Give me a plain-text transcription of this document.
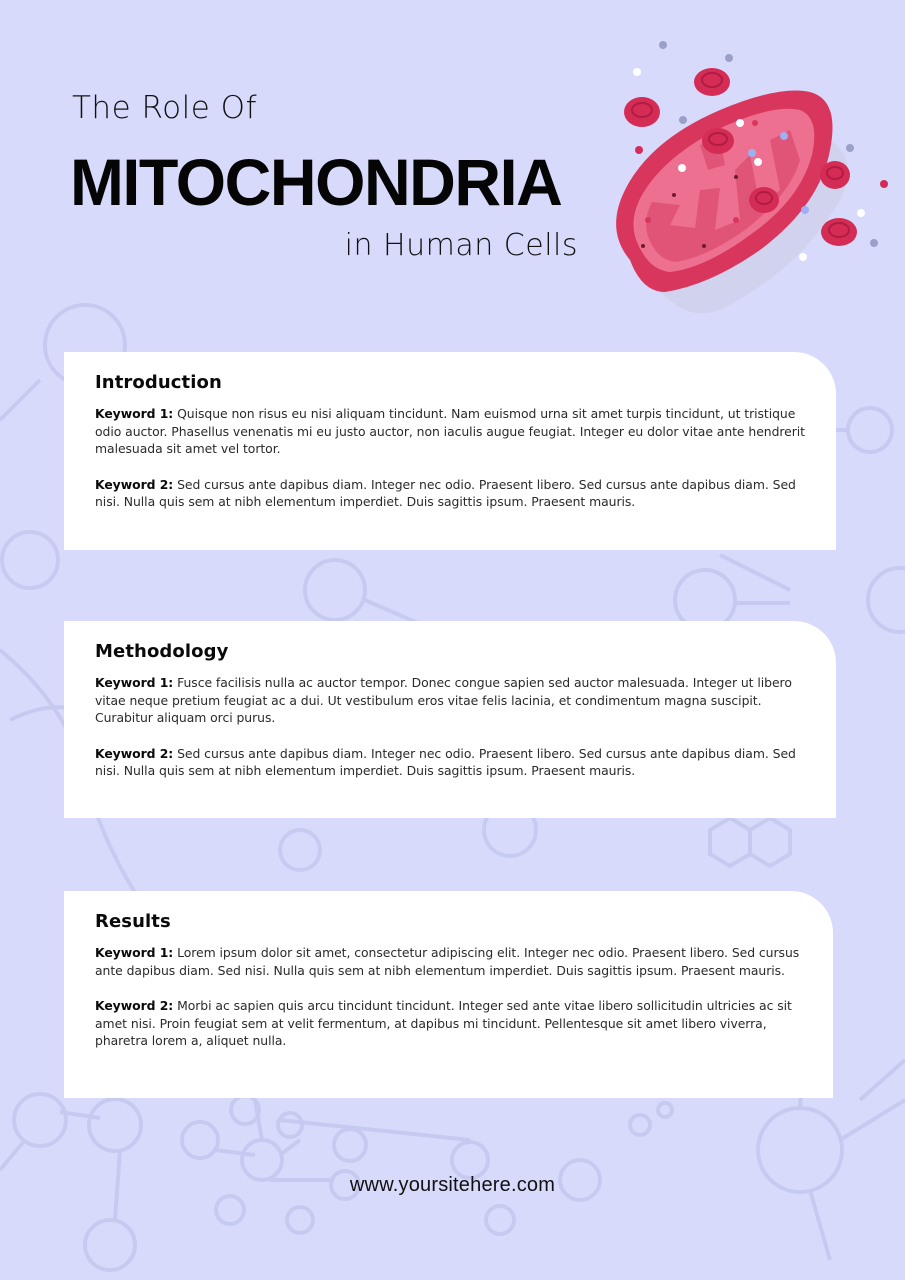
The Role Of
MITOCHONDRIA
in Human Cells
Introduction

Keyword 1: Quisque non risus eu nisi aliquam tincidunt. Nam euismod urna sit amet turpis tincidunt, ut tristique odio auctor. Phasellus venenatis mi eu justo auctor, non iaculis augue feugiat. Integer eu dolor vitae ante hendrerit malesuada sit amet vel tortor.

Keyword 2: Sed cursus ante dapibus diam. Integer nec odio. Praesent libero. Sed cursus ante dapibus diam. Sed nisi. Nulla quis sem at nibh elementum imperdiet. Duis sagittis ipsum. Praesent mauris.

Methodology

Keyword 1: Fusce facilisis nulla ac auctor tempor. Donec congue sapien sed auctor malesuada. Integer ut libero vitae neque pretium feugiat ac a dui. Ut vestibulum eros vitae felis lacinia, et condimentum magna suscipit. Curabitur aliquam orci purus.

Keyword 2: Sed cursus ante dapibus diam. Integer nec odio. Praesent libero. Sed cursus ante dapibus diam. Sed nisi. Nulla quis sem at nibh elementum imperdiet. Duis sagittis ipsum. Praesent mauris.

Results

Keyword 1: Lorem ipsum dolor sit amet, consectetur adipiscing elit. Integer nec odio. Praesent libero. Sed cursus ante dapibus diam. Sed nisi. Nulla quis sem at nibh elementum imperdiet. Duis sagittis ipsum. Praesent mauris.

Keyword 2: Morbi ac sapien quis arcu tincidunt tincidunt. Integer sed ante vitae libero sollicitudin ultricies ac sit amet nisi. Proin feugiat sem at velit fermentum, at dapibus mi tincidunt. Pellentesque sit amet libero viverra, pharetra lorem a, aliquet nulla.

www.yoursitehere.com
